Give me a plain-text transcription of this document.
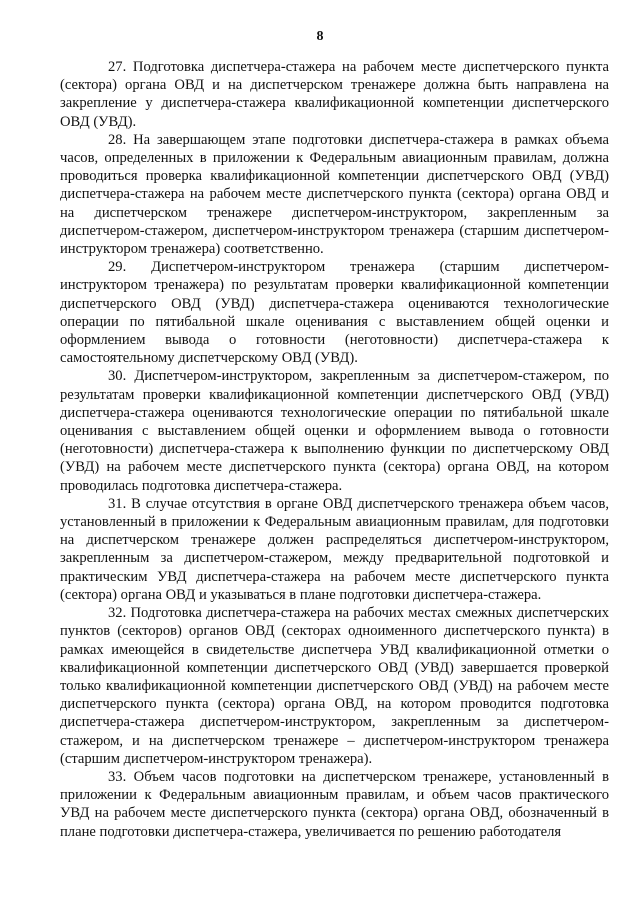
8

27. Подготовка диспетчера-стажера на рабочем месте диспетчерского пункта (сектора) органа ОВД и на диспетчерском тренажере должна быть направлена на закрепление у диспетчера-стажера квалификационной компетенции диспетчерского ОВД (УВД).

28. На завершающем этапе подготовки диспетчера-стажера в рамках объема часов, определенных в приложении к Федеральным авиационным правилам, должна проводиться проверка квалификационной компетенции диспетчерского ОВД (УВД) диспетчера-стажера на рабочем месте диспетчерского пункта (сектора) органа ОВД и на диспетчерском тренажере диспетчером-инструктором, закрепленным за диспетчером-стажером, диспетчером-инструктором тренажера (старшим диспетчером-инструктором тренажера) соответственно.

29. Диспетчером-инструктором тренажера (старшим диспетчером-инструктором тренажера) по результатам проверки квалификационной компетенции диспетчерского ОВД (УВД) диспетчера-стажера оцениваются технологические операции по пятибальной шкале оценивания с выставлением общей оценки и оформлением вывода о готовности (неготовности) диспетчера-стажера к самостоятельному диспетчерскому ОВД (УВД).

30. Диспетчером-инструктором, закрепленным за диспетчером-стажером, по результатам проверки квалификационной компетенции диспетчерского ОВД (УВД) диспетчера-стажера оцениваются технологические операции по пятибальной шкале оценивания с выставлением общей оценки и оформлением вывода о готовности (неготовности) диспетчера-стажера к выполнению функции по диспетчерскому ОВД (УВД) на рабочем месте диспетчерского пункта (сектора) органа ОВД, на котором проводилась подготовка диспетчера-стажера.

31. В случае отсутствия в органе ОВД диспетчерского тренажера объем часов, установленный в приложении к Федеральным авиационным правилам, для подготовки на диспетчерском тренажере должен распределяться диспетчером-инструктором, закрепленным за диспетчером-стажером, между предварительной подготовкой и практическим УВД диспетчера-стажера на рабочем месте диспетчерского пункта (сектора) органа ОВД и указываться в плане подготовки диспетчера-стажера.

32. Подготовка диспетчера-стажера на рабочих местах смежных диспетчерских пунктов (секторов) органов ОВД (секторах одноименного диспетчерского пункта) в рамках имеющейся в свидетельстве диспетчера УВД квалификационной отметки о квалификационной компетенции диспетчерского ОВД (УВД) завершается проверкой только квалификационной компетенции диспетчерского ОВД (УВД) на рабочем месте диспетчерского пункта (сектора) органа ОВД, на котором проводится подготовка диспетчера-стажера диспетчером-инструктором, закрепленным за диспетчером-стажером, и на диспетчерском тренажере – диспетчером-инструктором тренажера (старшим диспетчером-инструктором тренажера).

33. Объем часов подготовки на диспетчерском тренажере, установленный в приложении к Федеральным авиационным правилам, и объем часов практического УВД на рабочем месте диспетчерского пункта (сектора) органа ОВД, обозначенный в плане подготовки диспетчера-стажера, увеличивается по решению работодателя
